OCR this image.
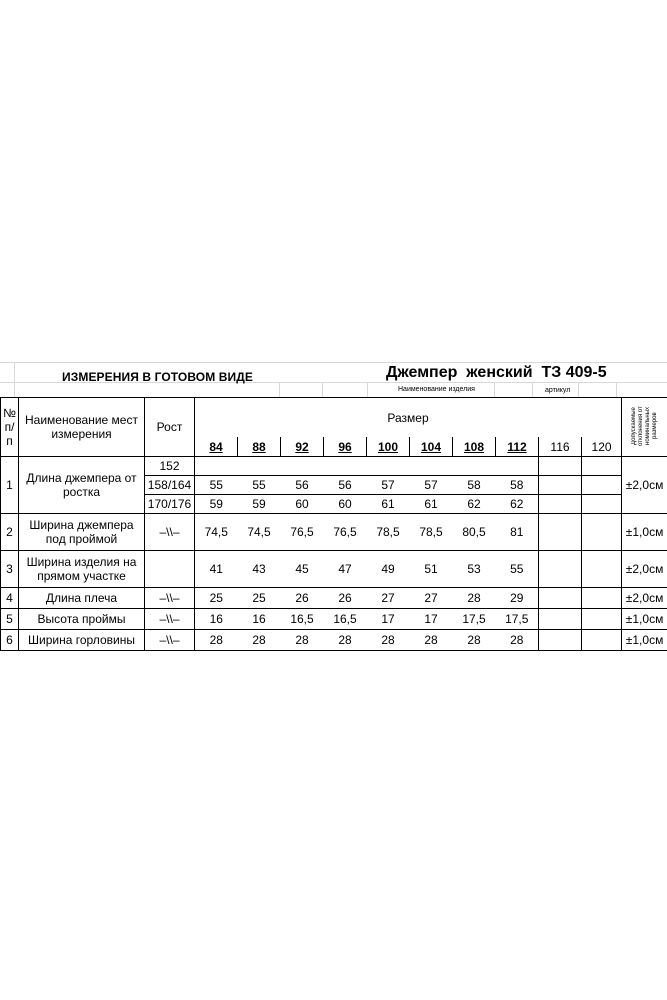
ИЗМЕРЕНИЯ В ГОТОВОМ ВИДЕ	Джемпер  женский  ТЗ 409-5
Наименование изделия	артикул
№ п/ п	Наименование мест измерения	Рост	Размер										Допускаемые отклонения от номинальных размеров
			84	88	92	96	100	104	108	112	116	120	
1	Длина джемпера от ростка	152											±2,0см
		158/164	55	55	56	56	57	57	58	58			
		170/176	59	59	60	60	61	61	62	62			
2	Ширина джемпера под проймой	–\\–	74,5	74,5	76,5	76,5	78,5	78,5	80,5	81			±1,0см
3	Ширина изделия на прямом участке		41	43	45	47	49	51	53	55			±2,0см
4	Длина плеча	–\\–	25	25	26	26	27	27	28	29			±2,0см
5	Высота проймы	–\\–	16	16	16,5	16,5	17	17	17,5	17,5			±1,0см
6	Ширина горловины	–\\–	28	28	28	28	28	28	28	28			±1,0см
